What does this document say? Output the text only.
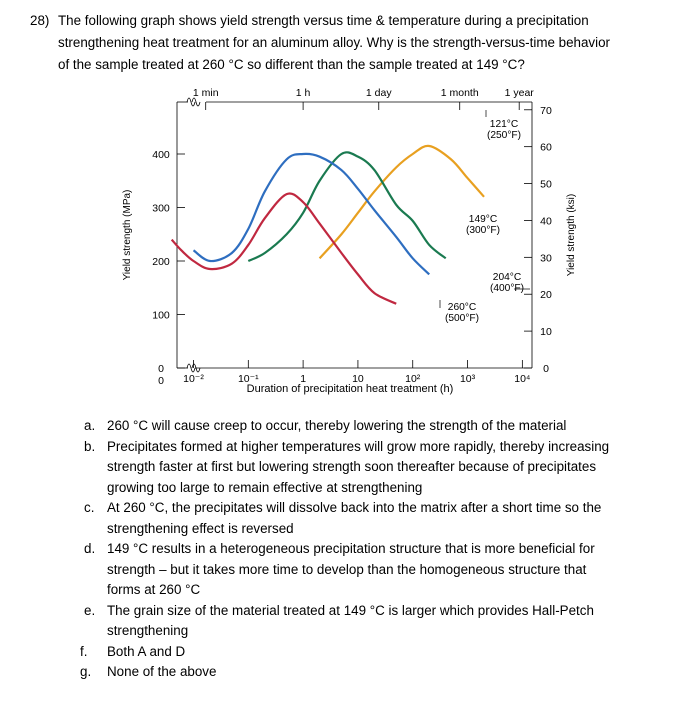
28) The following graph shows yield strength versus time & temperature during a precipitation
strengthening heat treatment for an aluminum alloy. Why is the strength-versus-time behavior
of the sample treated at 260 °C so different than the sample treated at 149 °C?
0
100
200
300
400
0
10
20
30
40
50
60
70
0 10⁻²	10⁻¹	1	10	10²	10³	10⁴
1 min	1 h	1 day	1 month 1 year
Duration of precipitation heat treatment (h)
Yield strength (MPa)	Yield strength (ksi)
121°C
(250°F)
149°C
(300°F)
204°C
(400°F)
260°C
(500°F)
a. 260 °C will cause creep to occur, thereby lowering the strength of the material
b. Precipitates formed at higher temperatures will grow more rapidly, thereby increasing
strength faster at first but lowering strength soon thereafter because of precipitates
growing too large to remain effective at strengthening
c. At 260 °C, the precipitates will dissolve back into the matrix after a short time so the
strengthening effect is reversed
d. 149 °C results in a heterogeneous precipitation structure that is more beneficial for
strength – but it takes more time to develop than the homogeneous structure that
forms at 260 °C
e. The grain size of the material treated at 149 °C is larger which provides Hall-Petch
strengthening
f. Both A and D
g. None of the above
